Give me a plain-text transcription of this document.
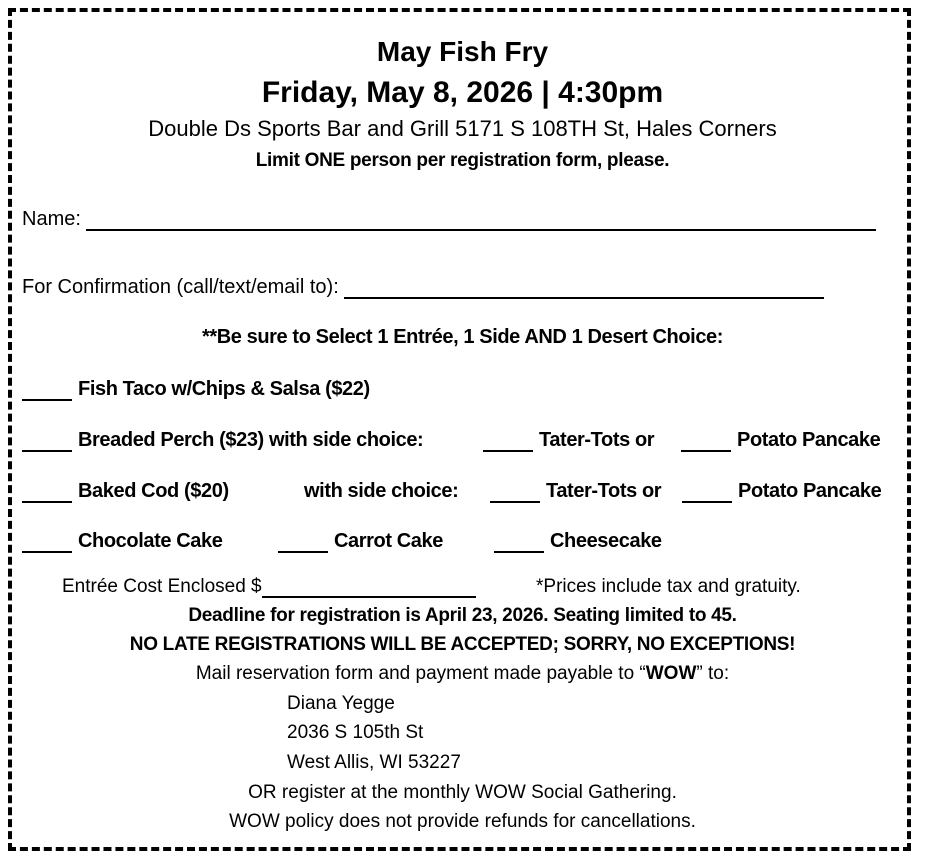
May Fish Fry
Friday, May 8, 2026 | 4:30pm
Double Ds Sports Bar and Grill 5171 S 108TH St, Hales Corners
Limit ONE person per registration form, please.
Name:
For Confirmation (call/text/email to):
**Be sure to Select 1 Entrée, 1 Side AND 1 Desert Choice:
Fish Taco w/Chips & Salsa ($22)
Breaded Perch ($23) with side choice:	Tater-Tots or	Potato Pancake
Baked Cod ($20)	with side choice:	Tater-Tots or	Potato Pancake
Chocolate Cake	Carrot Cake	Cheesecake
Entrée Cost Enclosed $	*Prices include tax and gratuity.
Deadline for registration is April 23, 2026. Seating limited to 45.
NO LATE REGISTRATIONS WILL BE ACCEPTED; SORRY, NO EXCEPTIONS!
Mail reservation form and payment made payable to “WOW” to:
Diana Yegge
2036 S 105th St
West Allis, WI 53227
OR register at the monthly WOW Social Gathering.
WOW policy does not provide refunds for cancellations.
